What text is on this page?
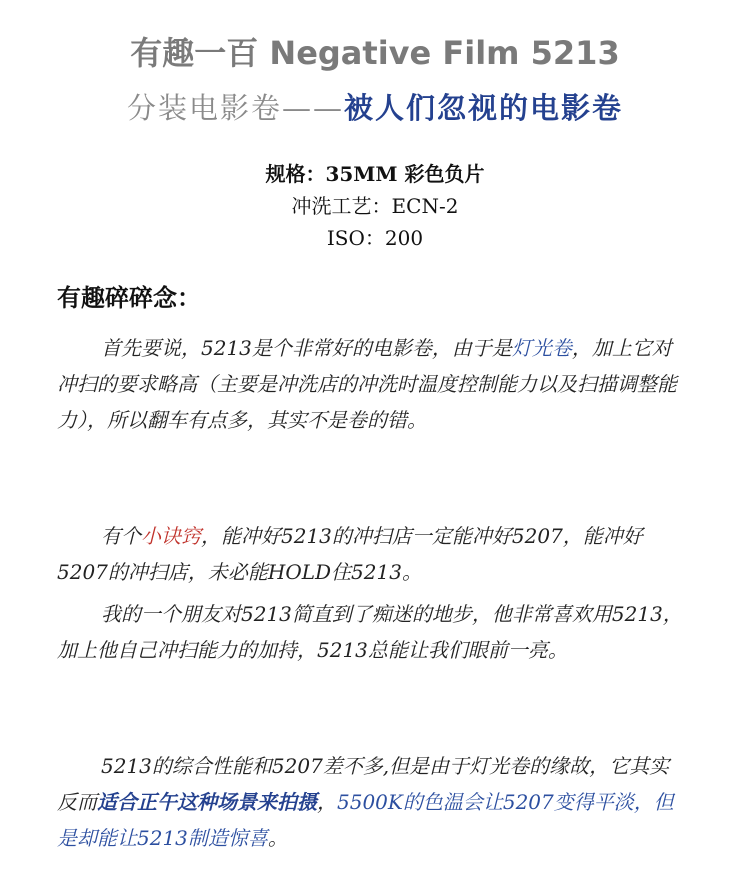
有趣一百 Negative Film 5213
分装电影卷——被人们忽视的电影卷
规格：35MM 彩色负片
冲洗工艺：ECN-2
ISO：200
有趣碎碎念：
首先要说，5213是个非常好的电影卷，由于是灯光卷，加上它对冲扫的要求略高（主要是冲洗店的冲洗时温度控制能力以及扫描调整能力），所以翻车有点多，其实不是卷的错。
有个小诀窍，能冲好5213的冲扫店一定能冲好5207，能冲好5207的冲扫店，未必能HOLD住5213。
我的一个朋友对5213简直到了痴迷的地步，他非常喜欢用5213，加上他自己冲扫能力的加持，5213总能让我们眼前一亮。
5213的综合性能和5207差不多,但是由于灯光卷的缘故，它其实反而适合正午这种场景来拍摄，5500K的色温会让5207变得平淡，但是却能让5213制造惊喜。
